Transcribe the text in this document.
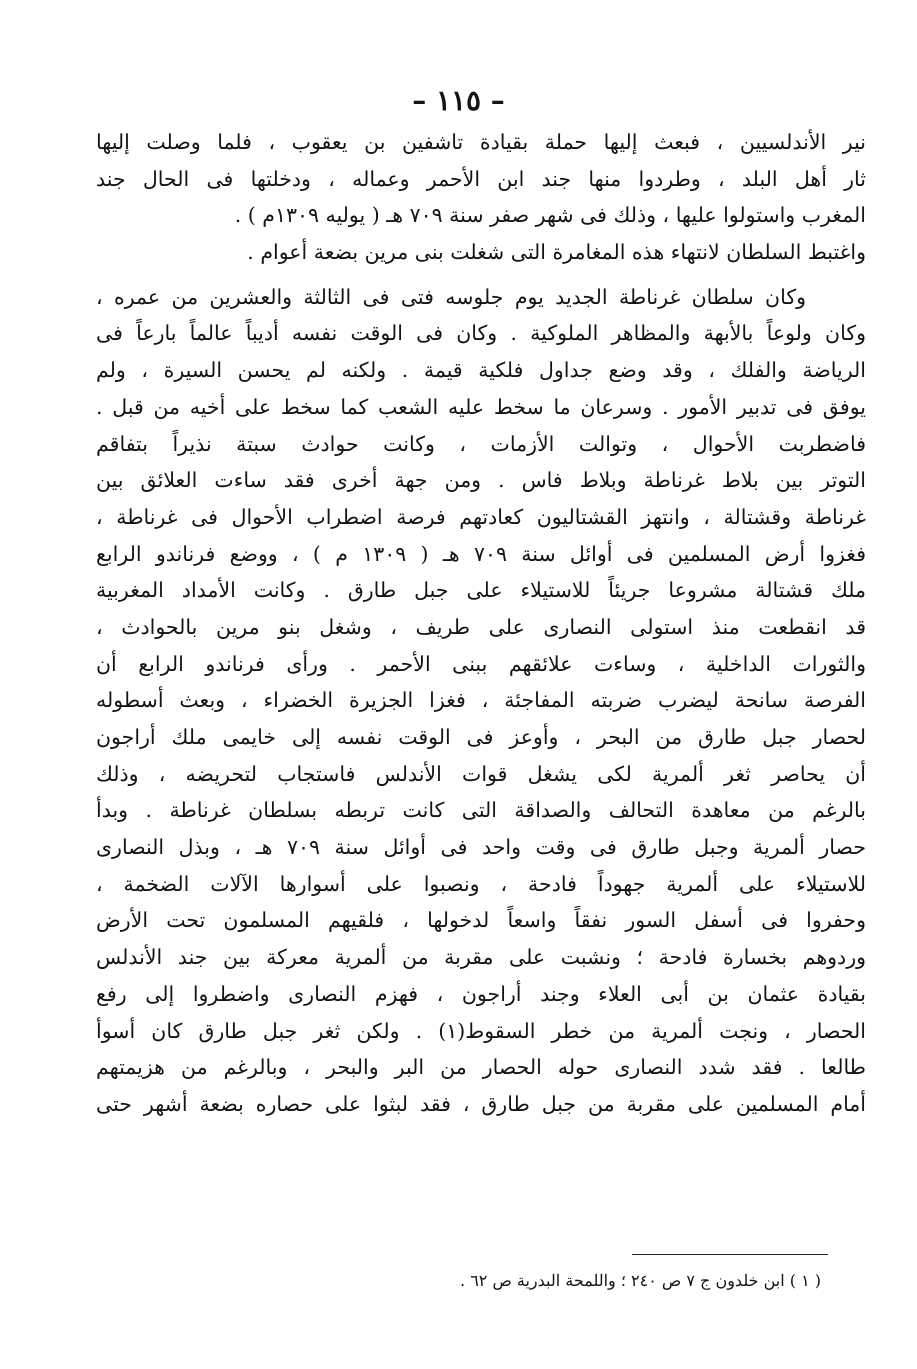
– ١١٥ –
نير الأندلسيين ، فبعث إليها حملة بقيادة تاشفين بن يعقوب ، فلما وصلت إليها
ثار أهل البلد ، وطردوا منها جند ابن الأحمر وعماله ، ودخلتها فى الحال جند
المغرب واستولوا عليها ، وذلك فى شهر صفر سنة ٧٠٩ هـ ( يوليه ١٣٠٩م ) .
واغتبط السلطان لانتهاء هذه المغامرة التى شغلت بنى مرين بضعة أعوام .
وكان سلطان غرناطة الجديد يوم جلوسه فتى فى الثالثة والعشرين من عمره ،
وكان ولوعاً بالأبهة والمظاهر الملوكية . وكان فى الوقت نفسه أديباً عالماً بارعاً فى
الرياضة والفلك ، وقد وضع جداول فلكية قيمة . ولكنه لم يحسن السيرة ، ولم
يوفق فى تدبير الأمور . وسرعان ما سخط عليه الشعب كما سخط على أخيه من قبل .
فاضطربت الأحوال ، وتوالت الأزمات ، وكانت حوادث سبتة نذيراً بتفاقم
التوتر بين بلاط غرناطة وبلاط فاس . ومن جهة أخرى فقد ساءت العلائق بين
غرناطة وقشتالة ، وانتهز القشتاليون كعادتهم فرصة اضطراب الأحوال فى غرناطة ،
فغزوا أرض المسلمين فى أوائل سنة ٧٠٩ هـ ( ١٣٠٩ م ) ، ووضع فرناندو الرابع
ملك قشتالة مشروعا جريئاً للاستيلاء على جبل طارق . وكانت الأمداد المغربية
قد انقطعت منذ استولى النصارى على طريف ، وشغل بنو مرين بالحوادث ،
والثورات الداخلية ، وساءت علائقهم ببنى الأحمر . ورأى فرناندو الرابع أن
الفرصة سانحة ليضرب ضربته المفاجئة ، فغزا الجزيرة الخضراء ، وبعث أسطوله
لحصار جبل طارق من البحر ، وأوعز فى الوقت نفسه إلى خايمى ملك أراجون
أن يحاصر ثغر ألمرية لكى يشغل قوات الأندلس فاستجاب لتحريضه ، وذلك
بالرغم من معاهدة التحالف والصداقة التى كانت تربطه بسلطان غرناطة . وبدأ
حصار ألمرية وجبل طارق فى وقت واحد فى أوائل سنة ٧٠٩ هـ ، وبذل النصارى
للاستيلاء على ألمرية جهوداً فادحة ، ونصبوا على أسوارها الآلات الضخمة ،
وحفروا فى أسفل السور نفقاً واسعاً لدخولها ، فلقيهم المسلمون تحت الأرض
وردوهم بخسارة فادحة ؛ ونشبت على مقربة من ألمرية معركة بين جند الأندلس
بقيادة عثمان بن أبى العلاء وجند أراجون ، فهزم النصارى واضطروا إلى رفع
الحصار ، ونجت ألمرية من خطر السقوط(١) . ولكن ثغر جبل طارق كان أسوأ
طالعا . فقد شدد النصارى حوله الحصار من البر والبحر ، وبالرغم من هزيمتهم
أمام المسلمين على مقربة من جبل طارق ، فقد لبثوا على حصاره بضعة أشهر حتى
( ١ ) ابن خلدون ج ٧ ص ٢٤٠ ؛ واللمحة البدرية ص ٦٢ .
